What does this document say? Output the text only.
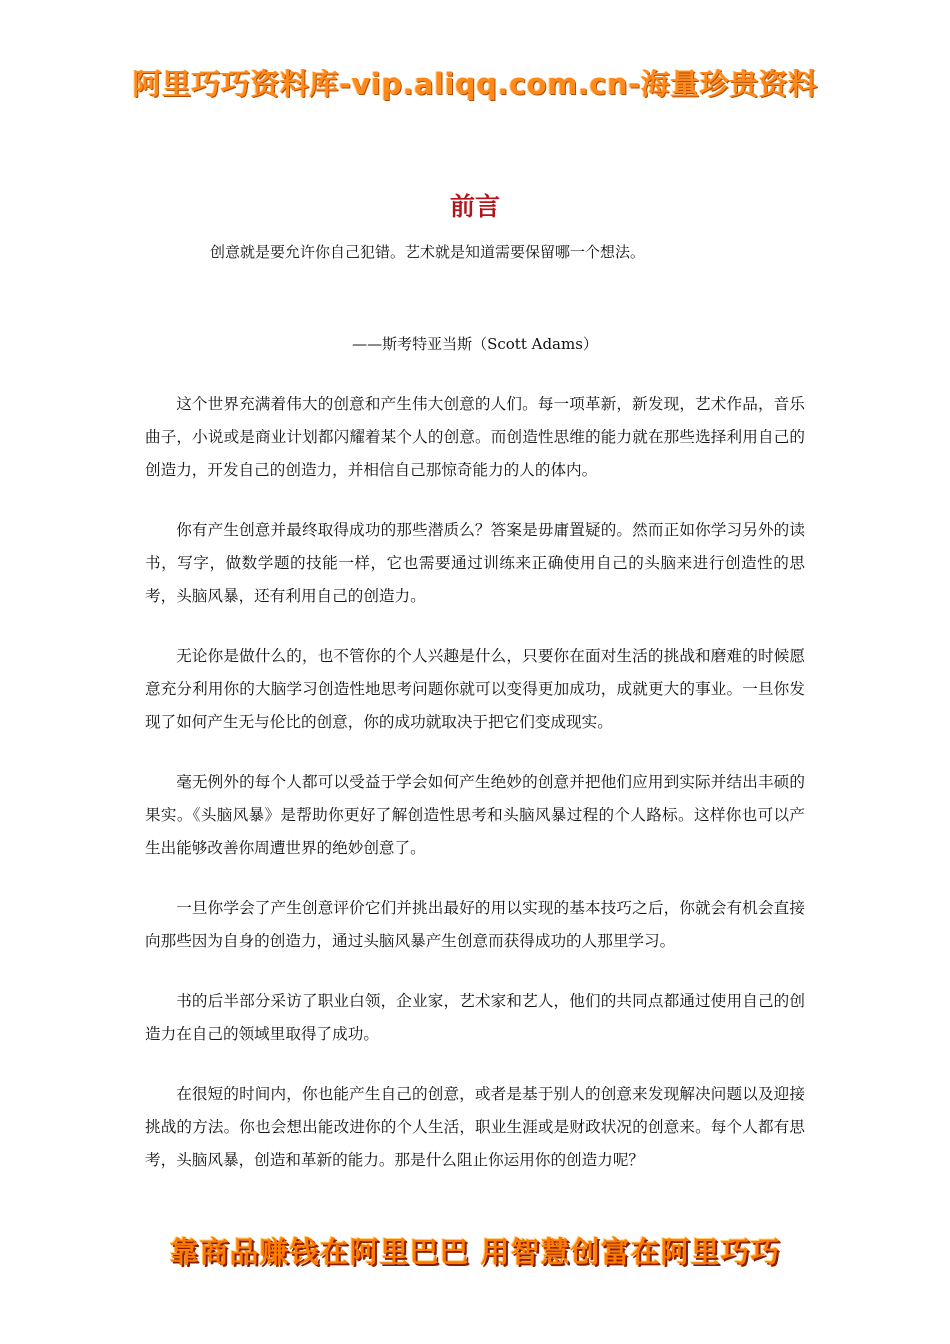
阿里巧巧资料库-vip.aliqq.com.cn-海量珍贵资料
前言
创意就是要允许你自己犯错。艺术就是知道需要保留哪一个想法。
——斯考特亚当斯（Scott Adams）

这个世界充满着伟大的创意和产生伟大创意的人们。每一项革新，新发现，艺术作品，音乐曲子，小说或是商业计划都闪耀着某个人的创意。而创造性思维的能力就在那些选择利用自己的创造力，开发自己的创造力，并相信自己那惊奇能力的人的体内。

你有产生创意并最终取得成功的那些潜质么？答案是毋庸置疑的。然而正如你学习另外的读书，写字，做数学题的技能一样，它也需要通过训练来正确使用自己的头脑来进行创造性的思考，头脑风暴，还有利用自己的创造力。

无论你是做什么的，也不管你的个人兴趣是什么，只要你在面对生活的挑战和磨难的时候愿意充分利用你的大脑学习创造性地思考问题你就可以变得更加成功，成就更大的事业。一旦你发现了如何产生无与伦比的创意，你的成功就取决于把它们变成现实。

毫无例外的每个人都可以受益于学会如何产生绝妙的创意并把他们应用到实际并结出丰硕的果实。《头脑风暴》是帮助你更好了解创造性思考和头脑风暴过程的个人路标。这样你也可以产生出能够改善你周遭世界的绝妙创意了。

一旦你学会了产生创意评价它们并挑出最好的用以实现的基本技巧之后，你就会有机会直接向那些因为自身的创造力，通过头脑风暴产生创意而获得成功的人那里学习。

书的后半部分采访了职业白领，企业家，艺术家和艺人，他们的共同点都通过使用自己的创造力在自己的领域里取得了成功。

在很短的时间内，你也能产生自己的创意，或者是基于别人的创意来发现解决问题以及迎接挑战的方法。你也会想出能改进你的个人生活，职业生涯或是财政状况的创意来。每个人都有思考，头脑风暴，创造和革新的能力。那是什么阻止你运用你的创造力呢？

靠商品赚钱在阿里巴巴 用智慧创富在阿里巧巧
